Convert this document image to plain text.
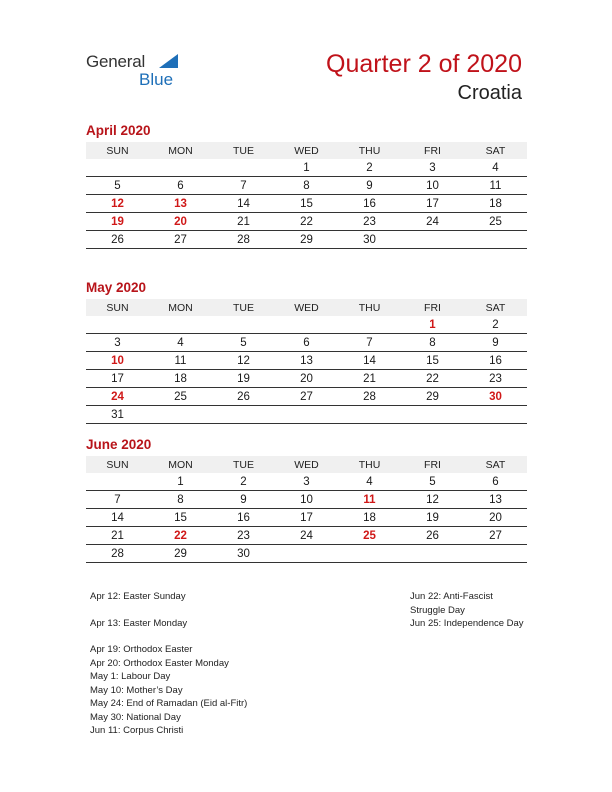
General
Blue
Quarter 2 of 2020
Croatia
April 2020
SUN	MON	TUE	WED	THU	FRI	SAT
			1	2	3	4
5	6	7	8	9	10	11
12	13	14	15	16	17	18
19	20	21	22	23	24	25
26	27	28	29	30		
May 2020
SUN	MON	TUE	WED	THU	FRI	SAT
					1	2
3	4	5	6	7	8	9
10	11	12	13	14	15	16
17	18	19	20	21	22	23
24	25	26	27	28	29	30
31						
June 2020
SUN	MON	TUE	WED	THU	FRI	SAT
	1	2	3	4	5	6
7	8	9	10	11	12	13
14	15	16	17	18	19	20
21	22	23	24	25	26	27
28	29	30				
Apr 12: Easter Sunday
Apr 13: Easter Monday
Apr 19: Orthodox Easter
Apr 20: Orthodox Easter Monday
May 1: Labour Day
May 10: Mother’s Day
May 24: End of Ramadan (Eid al-Fitr)
May 30: National Day
Jun 11: Corpus Christi
Jun 22: Anti-Fascist Struggle Day
Jun 25: Independence Day
